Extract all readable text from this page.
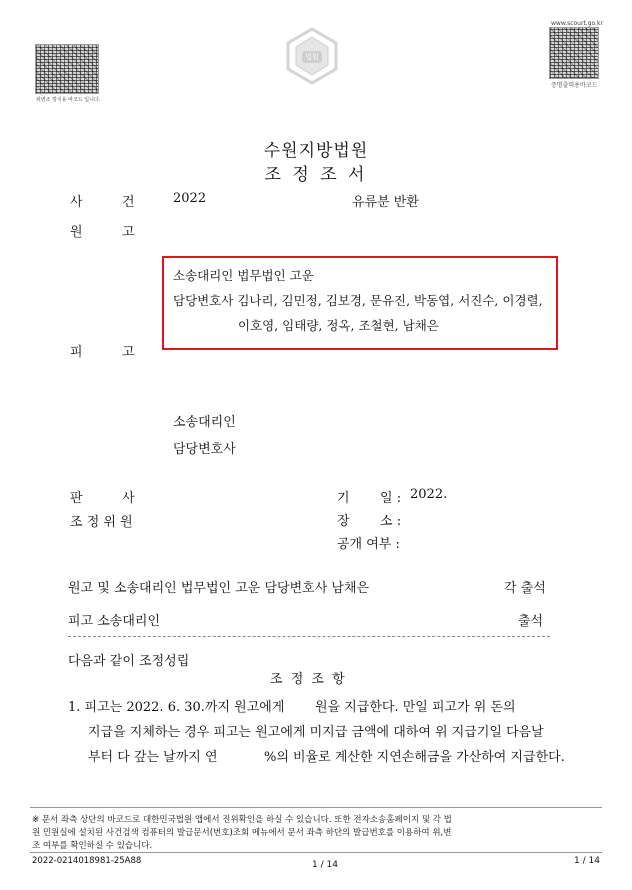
위변조 방지용 바코드 입니다.
법원
www.scourt.go.kr
증명출력용바코드
수원지방법원
조 정 조 서
사	건	2022	유류분 반환
원	고
소송대리인 법무법인 고운
담당변호사 김나리, 김민정, 김보경, 문유진, 박동엽, 서진수, 이경렬,
이호영, 임태량, 정옥, 조철현, 남채은
피	고
소송대리인
담당변호사
판	사
조 정 위 원
기 일 : 2022.
장 소 :
공개 여부 :
원고 및 소송대리인 법무법인 고운 담당변호사 남채은	각 출석
피고 소송대리인	출석
다음과 같이 조정성립
조 정 조 항
1. 피고는 2022. 6. 30.까지 원고에게 원을 지급한다. 만일 피고가 위 돈의
지급을 지체하는 경우 피고는 원고에게 미지급 금액에 대하여 위 지급기일 다음날
부터 다 갚는 날까지 연	%의 비율로 계산한 지연손해금을 가산하여 지급한다.
※ 문서 좌측 상단의 바코드로 대한민국법원 앱에서 진위확인을 하실 수 있습니다. 또한 전자소송홈페이지 및 각 법
원 민원실에 설치된 사건검색 컴퓨터의 발급문서(번호)조회 메뉴에서 문서 좌측 하단의 발급번호를 이용하여 위,변
조 여부를 확인하실 수 있습니다.
2022-0214018981-25A88	1 / 14	1 / 14
